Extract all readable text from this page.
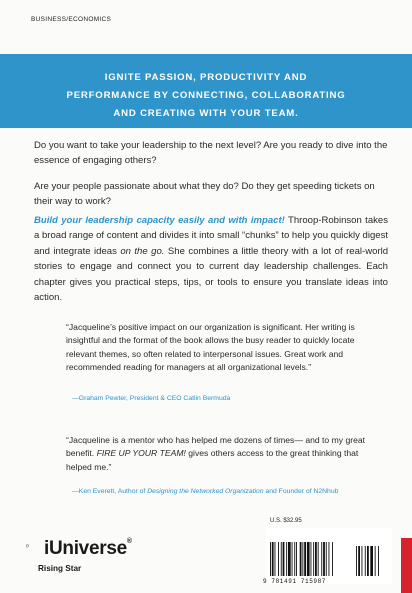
BUSINESS/ECONOMICS
IGNITE PASSION, PRODUCTIVITY AND
PERFORMANCE BY CONNECTING, COLLABORATING
AND CREATING WITH YOUR TEAM.
Do you want to take your leadership to the next level? Are you ready to dive into the essence of engaging others?
Are your people passionate about what they do? Do they get speeding tickets on their way to work?
Build your leadership capacity easily and with impact! Throop-Robinson takes a broad range of content and divides it into small “chunks” to help you quickly digest and integrate ideas on the go. She combines a little theory with a lot of real-world stories to engage and connect you to current day leadership challenges. Each chapter gives you practical steps, tips, or tools to ensure you translate ideas into action.
“Jacqueline’s positive impact on our organization is significant. Her writing is insightful and the format of the book allows the busy reader to quickly locate relevant themes, so often related to interpersonal issues. Great work and recommended reading for managers at all organizational levels.”
—Graham Pewter, President & CEO Catlin Bermuda
“Jacqueline is a mentor who has helped me dozens of times— and to my great benefit. FIRE UP YOUR TEAM! gives others access to the great thinking that helped me.”
—Ken Everett, Author of Designing the Networked Organization and Founder of N2Nhub
U.S. $32.95
9 781491 715987
iUniverse®
Rising Star
